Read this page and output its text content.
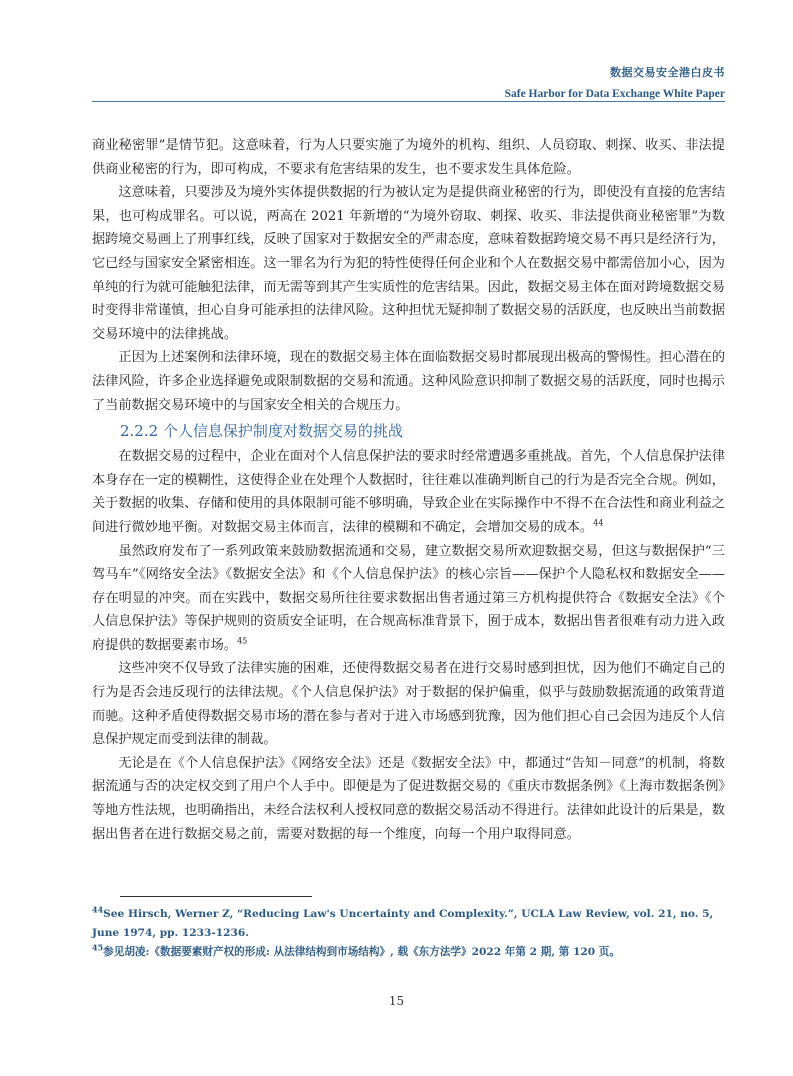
数据交易安全港白皮书
Safe Harbor for Data Exchange White Paper

商业秘密罪”是情节犯。这意味着，行为人只要实施了为境外的机构、组织、人员窃取、刺探、收买、非法提供商业秘密的行为，即可构成，不要求有危害结果的发生，也不要求发生具体危险。

这意味着，只要涉及为境外实体提供数据的行为被认定为是提供商业秘密的行为，即使没有直接的危害结果，也可构成罪名。可以说，两高在 2021 年新增的“为境外窃取、刺探、收买、非法提供商业秘密罪”为数据跨境交易画上了刑事红线，反映了国家对于数据安全的严肃态度，意味着数据跨境交易不再只是经济行为，它已经与国家安全紧密相连。这一罪名为行为犯的特性使得任何企业和个人在数据交易中都需倍加小心，因为单纯的行为就可能触犯法律，而无需等到其产生实质性的危害结果。因此，数据交易主体在面对跨境数据交易时变得非常谨慎，担心自身可能承担的法律风险。这种担忧无疑抑制了数据交易的活跃度，也反映出当前数据交易环境中的法律挑战。

正因为上述案例和法律环境，现在的数据交易主体在面临数据交易时都展现出极高的警惕性。担心潜在的法律风险，许多企业选择避免或限制数据的交易和流通。这种风险意识抑制了数据交易的活跃度，同时也揭示了当前数据交易环境中的与国家安全相关的合规压力。

2.2.2 个人信息保护制度对数据交易的挑战

在数据交易的过程中，企业在面对个人信息保护法的要求时经常遭遇多重挑战。首先，个人信息保护法律本身存在一定的模糊性，这使得企业在处理个人数据时，往往难以准确判断自己的行为是否完全合规。例如，关于数据的收集、存储和使用的具体限制可能不够明确，导致企业在实际操作中不得不在合法性和商业利益之间进行微妙地平衡。对数据交易主体而言，法律的模糊和不确定，会增加交易的成本。$^{44}$

虽然政府发布了一系列政策来鼓励数据流通和交易，建立数据交易所欢迎数据交易，但这与数据保护“三驾马车”《网络安全法》《数据安全法》和《个人信息保护法》的核心宗旨——保护个人隐私权和数据安全——存在明显的冲突。而在实践中，数据交易所往往要求数据出售者通过第三方机构提供符合《数据安全法》《个人信息保护法》等保护规则的资质安全证明，在合规高标准背景下，囿于成本，数据出售者很难有动力进入政府提供的数据要素市场。$^{45}$

这些冲突不仅导致了法律实施的困难，还使得数据交易者在进行交易时感到担忧，因为他们不确定自己的行为是否会违反现行的法律法规。《个人信息保护法》对于数据的保护偏重，似乎与鼓励数据流通的政策背道而驰。这种矛盾使得数据交易市场的潜在参与者对于进入市场感到犹豫，因为他们担心自己会因为违反个人信息保护规定而受到法律的制裁。

无论是在《个人信息保护法》《网络安全法》还是《数据安全法》中，都通过“告知－同意”的机制，将数据流通与否的决定权交到了用户个人手中。即便是为了促进数据交易的《重庆市数据条例》《上海市数据条例》等地方性法规，也明确指出，未经合法权利人授权同意的数据交易活动不得进行。法律如此设计的后果是，数据出售者在进行数据交易之前，需要对数据的每一个维度，向每一个用户取得同意。

$^{44}$See Hirsch, Werner Z, “Reducing Law's Uncertainty and Complexity.”, UCLA Law Review, vol. 21, no. 5, June 1974, pp. 1233-1236.

$^{45}$参见胡凌:《数据要素财产权的形成: 从法律结构到市场结构》, 载《东方法学》2022 年第 2 期, 第 120 页。

15
